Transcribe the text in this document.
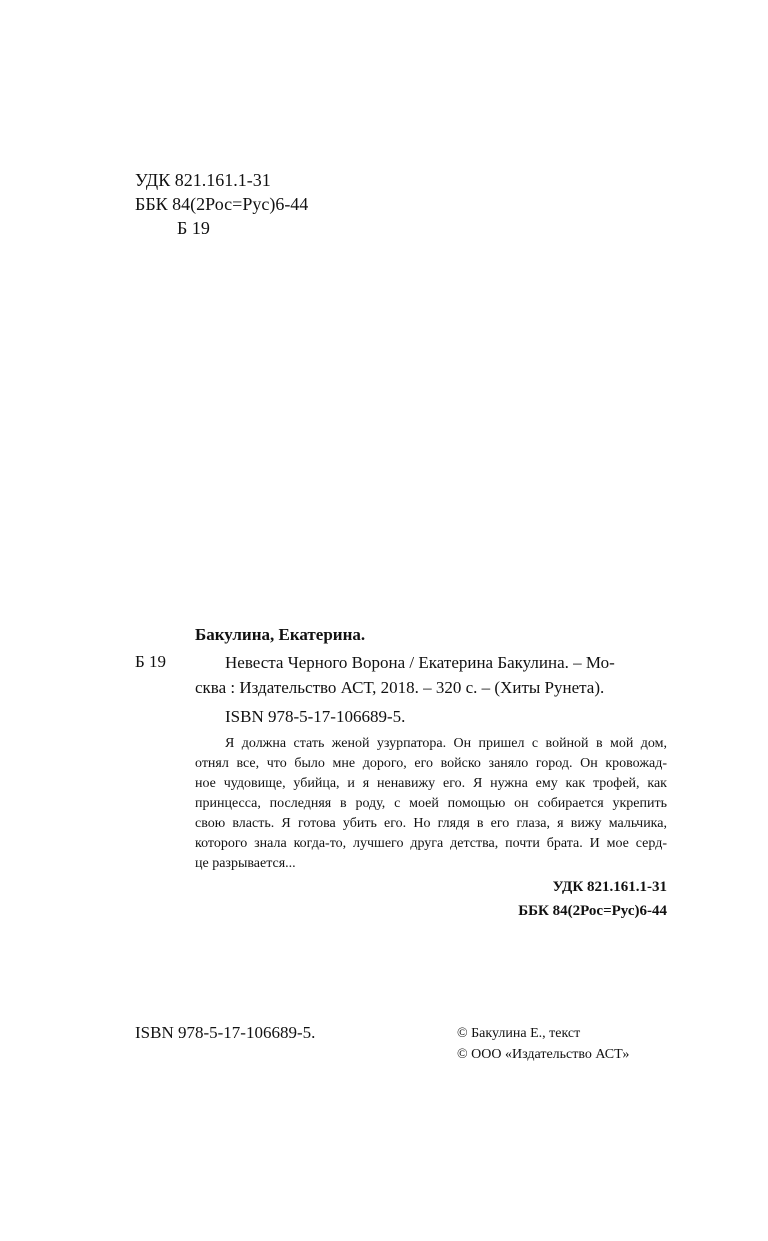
УДК 821.161.1-31
ББК 84(2Рос=Рус)6-44
Б 19
Бакулина, Екатерина.
Б 19	Невеста Черного Ворона / Екатерина Бакулина. – Мо-
сква : Издательство АСТ, 2018. – 320 с. – (Хиты Рунета).
ISBN 978-5-17-106689-5.
Я должна стать женой узурпатора. Он пришел с войной в мой дом,
отнял все, что было мне дорого, его войско заняло город. Он кровожад-
ное чудовище, убийца, и я ненавижу его. Я нужна ему как трофей, как
принцесса, последняя в роду, с моей помощью он собирается укрепить
свою власть. Я готова убить его. Но глядя в его глаза, я вижу мальчика,
которого знала когда-то, лучшего друга детства, почти брата. И мое серд-
це разрывается...
УДК 821.161.1-31
ББК 84(2Рос=Рус)6-44
ISBN 978-5-17-106689-5.	© Бакулина Е., текст
© ООО «Издательство АСТ»
